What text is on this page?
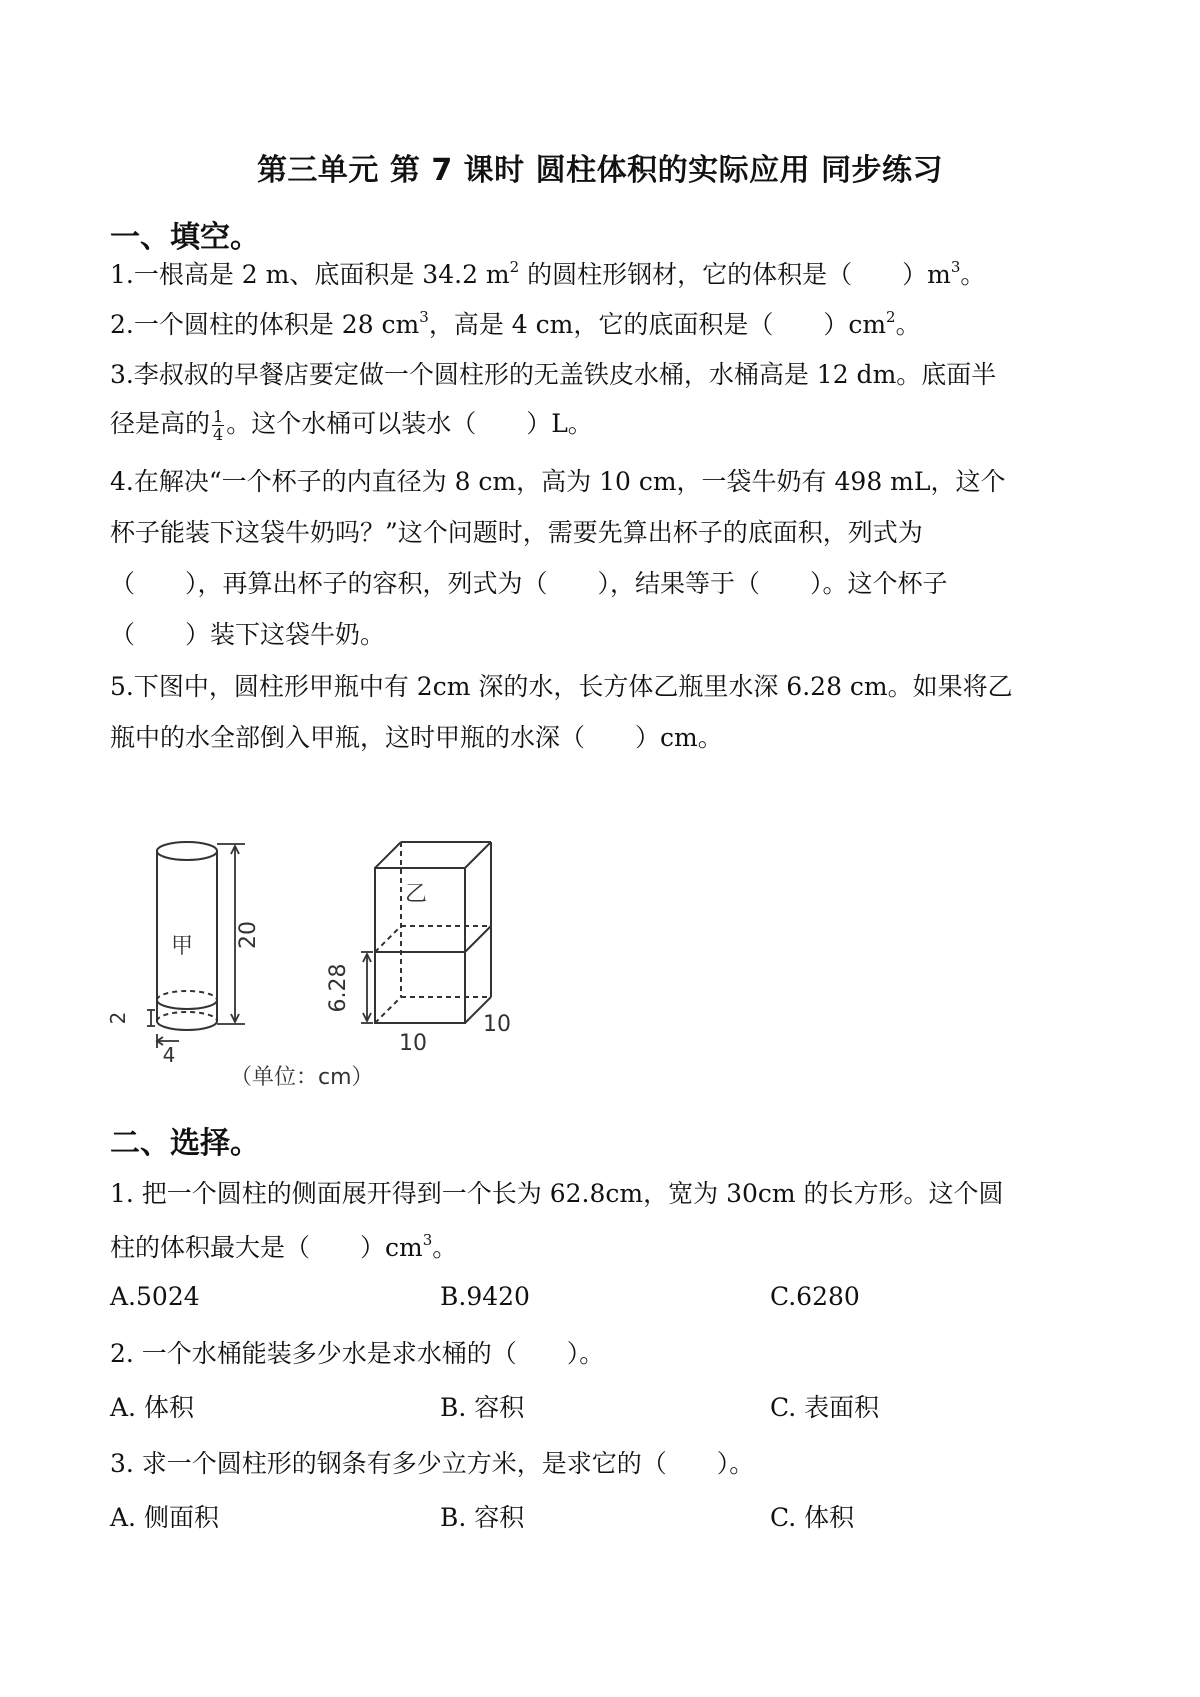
第三单元 第 7 课时 圆柱体积的实际应用 同步练习
一、填空。
1.一根高是 2 m、底面积是 34.2 $m^2$ 的圆柱形钢材，它的体积是（　　）$m^3$。
2.一个圆柱的体积是 28 $cm^3$，高是 4 cm，它的底面积是（　　）$cm^2$。
3.李叔叔的早餐店要定做一个圆柱形的无盖铁皮水桶，水桶高是 12 dm。底面半
径是高的 $\frac{1}{4}$ 。这个水桶可以装水（　　）L。
4.在解决“一个杯子的内直径为 8 cm，高为 10 cm，一袋牛奶有 498 mL，这个
杯子能装下这袋牛奶吗？”这个问题时，需要先算出杯子的底面积，列式为
（　　），再算出杯子的容积，列式为（　　），结果等于（　　）。这个杯子
（　　）装下这袋牛奶。
5.下图中，圆柱形甲瓶中有 2cm 深的水，长方体乙瓶里水深 6.28 cm。如果将乙
瓶中的水全部倒入甲瓶，这时甲瓶的水深（　　）cm。
甲 20
2
4
6.28
乙
10
10
（单位：cm）
二、选择。
1. 把一个圆柱的侧面展开得到一个长为 62.8cm，宽为 30cm 的长方形。这个圆
柱的体积最大是（　　）$cm^3$。
A.5024	B.9420	C.6280
2. 一个水桶能装多少水是求水桶的（　　）。
A. 体积	B. 容积	C. 表面积
3. 求一个圆柱形的钢条有多少立方米，是求它的（　　）。
A. 侧面积	B. 容积	C. 体积
